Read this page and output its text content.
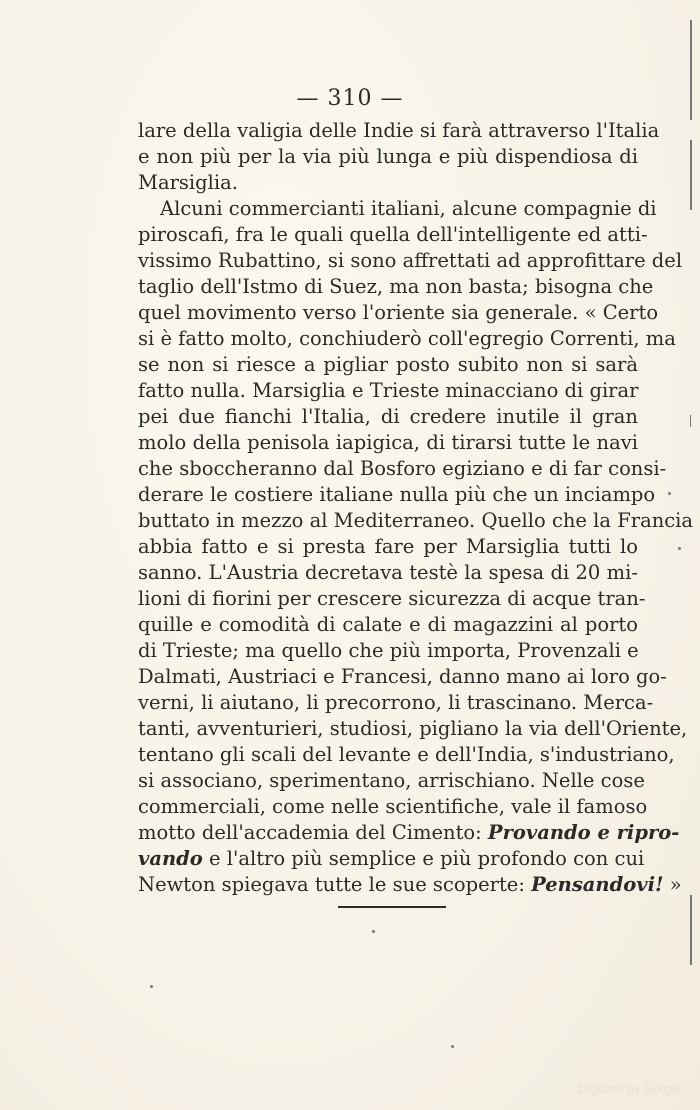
— 310 —
lare della valigia delle Indie si farà attraverso l'Italia
e non più per la via più lunga e più dispendiosa di
Marsiglia.
Alcuni commercianti italiani, alcune compagnie di
piroscafi, fra le quali quella dell'intelligente ed atti-
vissimo Rubattino, si sono affrettati ad approfittare del
taglio dell'Istmo di Suez, ma non basta; bisogna che
quel movimento verso l'oriente sia generale. « Certo
si è fatto molto, conchiuderò coll'egregio Correnti, ma
se non si riesce a pigliar posto subito non si sarà
fatto nulla. Marsiglia e Trieste minacciano di girar
pei due fianchi l'Italia, di credere inutile il gran
molo della penisola iapigica, di tirarsi tutte le navi
che sboccheranno dal Bosforo egiziano e di far consi-
derare le costiere italiane nulla più che un inciampo
buttato in mezzo al Mediterraneo. Quello che la Francia
abbia fatto e si presta fare per Marsiglia tutti lo
sanno. L'Austria decretava testè la spesa di 20 mi-
lioni di fiorini per crescere sicurezza di acque tran-
quille e comodità di calate e di magazzini al porto
di Trieste; ma quello che più importa, Provenzali e
Dalmati, Austriaci e Francesi, danno mano ai loro go-
verni, li aiutano, li precorrono, li trascinano. Merca-
tanti, avventurieri, studiosi, pigliano la via dell'Oriente,
tentano gli scali del levante e dell'India, s'industriano,
si associano, sperimentano, arrischiano. Nelle cose
commerciali, come nelle scientifiche, vale il famoso
motto dell'accademia del Cimento: Provando e ripro-
vando e l'altro più semplice e più profondo con cui
Newton spiegava tutte le sue scoperte: Pensandovi! »
Digitized by Google
